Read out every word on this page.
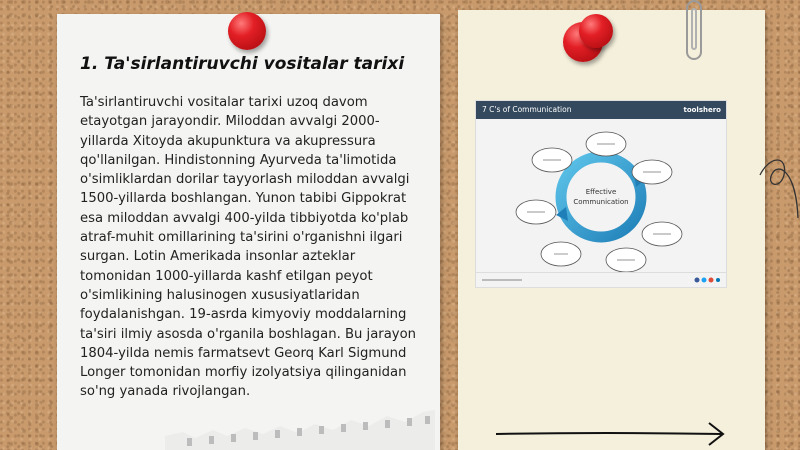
1. Ta'sirlantiruvchi vositalar tarixi

Ta'sirlantiruvchi vositalar tarixi uzoq davom etayotgan jarayondir. Miloddan avvalgi 2000-yillarda Xitoyda akupunktura va akupressura qo'llanilgan. Hindistonning Ayurveda ta'limotida o'simliklardan dorilar tayyorlash miloddan avvalgi 1500-yillarda boshlangan. Yunon tabibi Gippokrat esa miloddan avvalgi 400-yilda tibbiyotda ko'plab atraf-muhit omillarining ta'sirini o'rganishni ilgari surgan. Lotin Amerikada insonlar azteklar tomonidan 1000-yillarda kashf etilgan peyot o'simlikining halusinogen xususiyatlaridan foydalanishgan. 19-asrda kimyoviy moddalarning ta'siri ilmiy asosda o'rganila boshlagan. Bu jarayon 1804-yilda nemis farmatsevt Georq Karl Sigmund Longer tomonidan morfiy izolyatsiya qilinganidan so'ng yanada rivojlangan.

7 C's of Communication	toolshero
Effective
Communication
